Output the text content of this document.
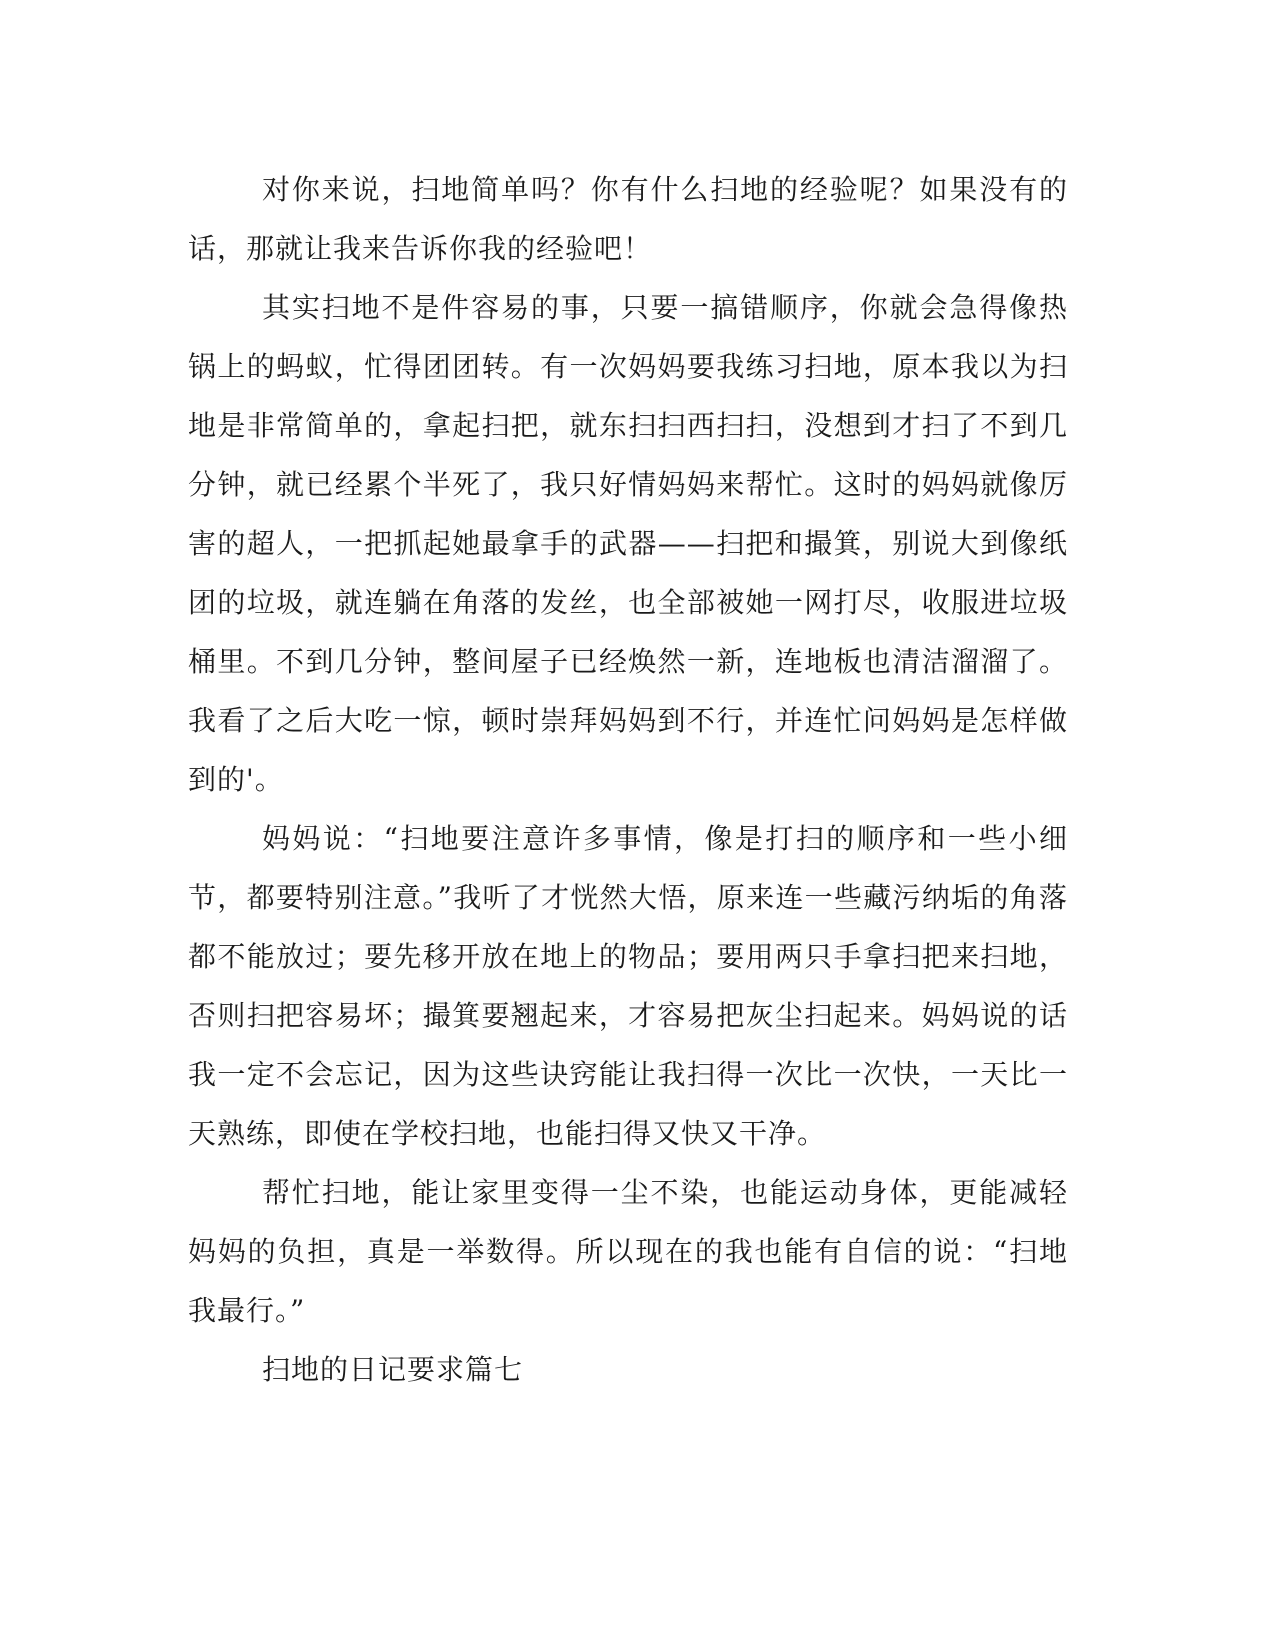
对你来说，扫地简单吗？你有什么扫地的经验呢？如果没有的话，那就让我来告诉你我的经验吧！

其实扫地不是件容易的事，只要一搞错顺序，你就会急得像热锅上的蚂蚁，忙得团团转。有一次妈妈要我练习扫地，原本我以为扫地是非常简单的，拿起扫把，就东扫扫西扫扫，没想到才扫了不到几分钟，就已经累个半死了，我只好情妈妈来帮忙。这时的妈妈就像厉害的超人，一把抓起她最拿手的武器——扫把和撮箕，别说大到像纸团的垃圾，就连躺在角落的发丝，也全部被她一网打尽，收服进垃圾桶里。不到几分钟，整间屋子已经焕然一新，连地板也清洁溜溜了。我看了之后大吃一惊，顿时崇拜妈妈到不行，并连忙问妈妈是怎样做到的'。

妈妈说：“扫地要注意许多事情，像是打扫的顺序和一些小细节，都要特别注意。”我听了才恍然大悟，原来连一些藏污纳垢的角落都不能放过；要先移开放在地上的物品；要用两只手拿扫把来扫地，否则扫把容易坏；撮箕要翘起来，才容易把灰尘扫起来。妈妈说的话我一定不会忘记，因为这些诀窍能让我扫得一次比一次快，一天比一天熟练，即使在学校扫地，也能扫得又快又干净。

帮忙扫地，能让家里变得一尘不染，也能运动身体，更能减轻妈妈的负担，真是一举数得。所以现在的我也能有自信的说：“扫地我最行。”

扫地的日记要求篇七
